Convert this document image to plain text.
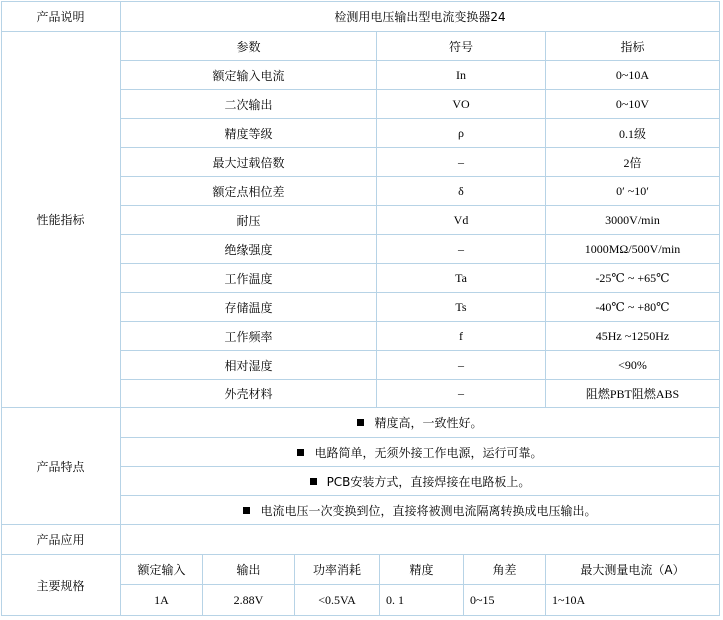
产品说明	检测用电压输出型电流变换器24
性能指标
参数	符号	指标
额定输入电流	In	0~10A
二次输出	VO	0~10V
精度等级	ρ	0.1级
最大过载倍数	–	2倍
额定点相位差	δ	0′ ~10′
耐压	Vd	3000V/min
绝缘强度	–	1000MΩ/500V/min
工作温度	Ta	-25℃ ~ +65℃
存储温度	Ts	-40℃ ~ +80℃
工作频率	f	45Hz ~1250Hz
相对湿度	–	<90%
外壳材料	–	阻燃PBT阻燃ABS
产品特点
精度高，一致性好。
电路简单，无须外接工作电源，运行可靠。
PCB安装方式，直接焊接在电路板上。
电流电压一次变换到位，直接将被测电流隔离转换成电压输出。
产品应用
主要规格
额定输入	输出	功率消耗	精度	角差	最大测量电流（A）
1A	2.88V	<0.5VA	0. 1	0~15	1~10A
